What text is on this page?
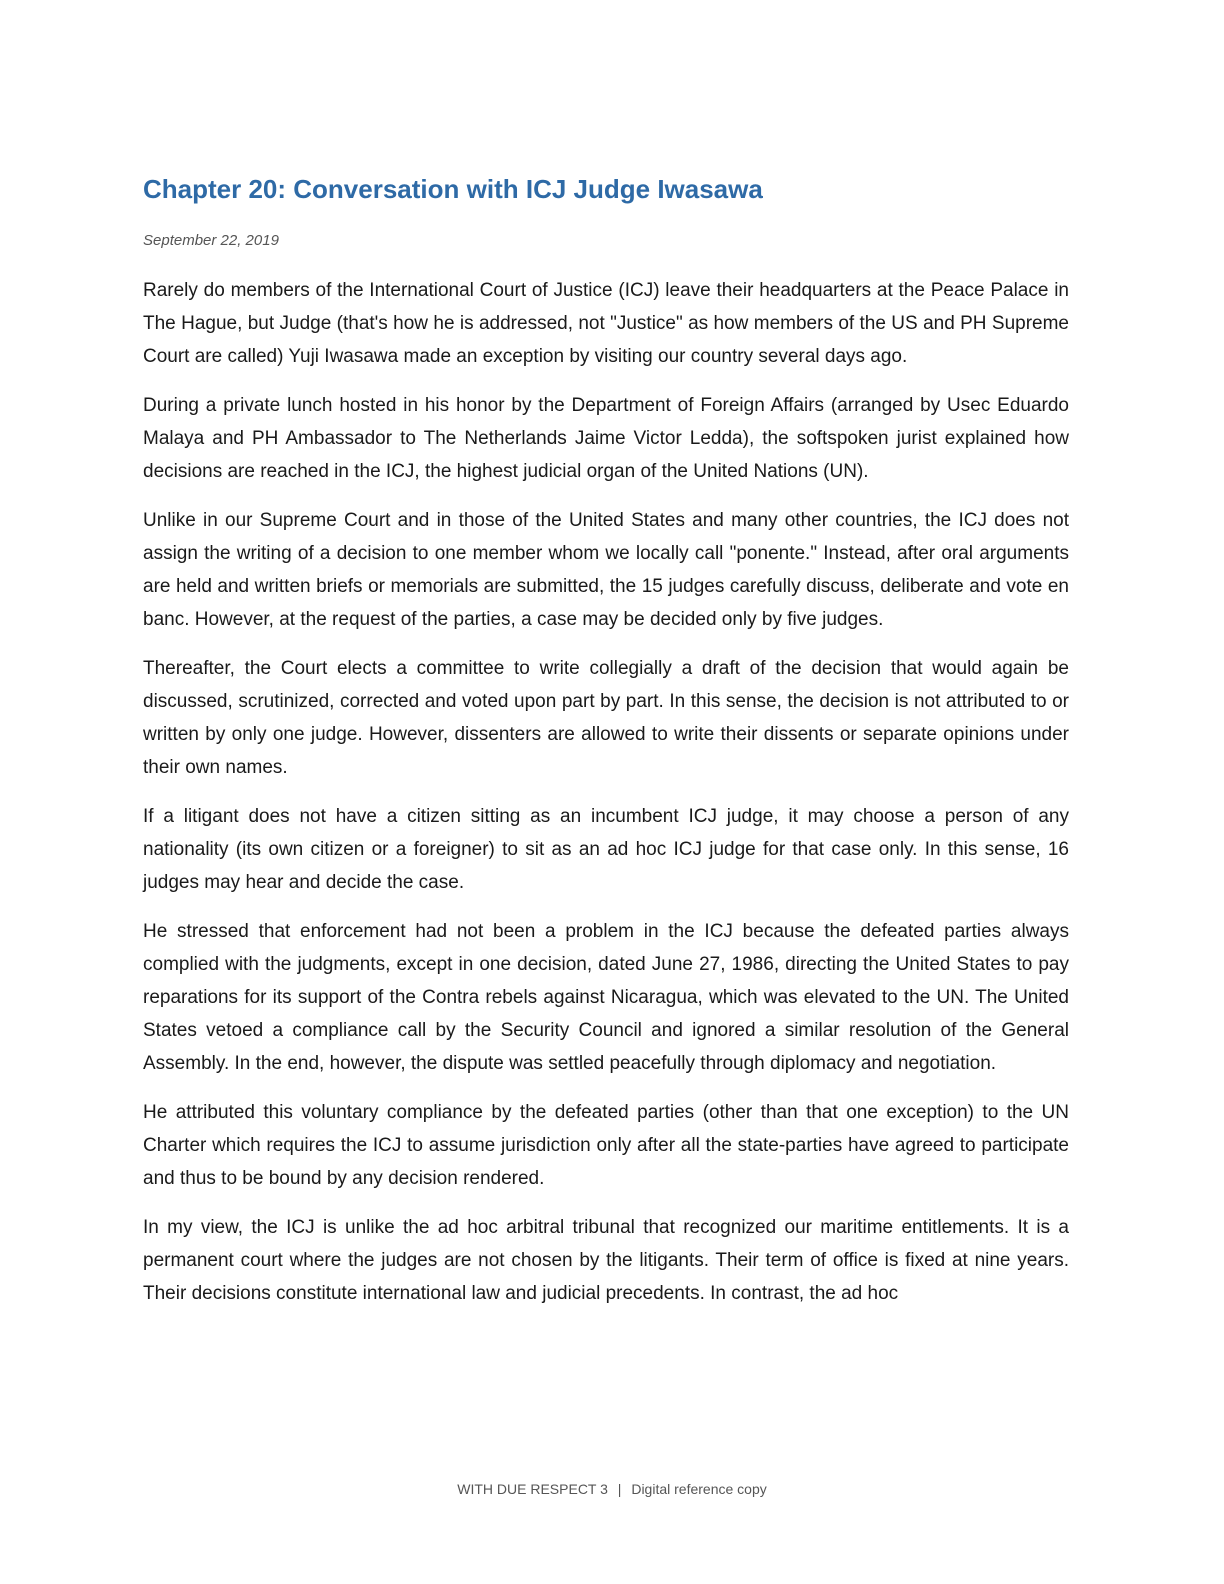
Chapter 20: Conversation with ICJ Judge Iwasawa
September 22, 2019

Rarely do members of the International Court of Justice (ICJ) leave their headquarters at the Peace Palace in The Hague, but Judge (that's how he is addressed, not "Justice" as how members of the US and PH Supreme Court are called) Yuji Iwasawa made an exception by visiting our country several days ago.

During a private lunch hosted in his honor by the Department of Foreign Affairs (arranged by Usec Eduardo Malaya and PH Ambassador to The Netherlands Jaime Victor Ledda), the softspoken jurist explained how decisions are reached in the ICJ, the highest judicial organ of the United Nations (UN).

Unlike in our Supreme Court and in those of the United States and many other countries, the ICJ does not assign the writing of a decision to one member whom we locally call "ponente." Instead, after oral arguments are held and written briefs or memorials are submitted, the 15 judges carefully discuss, deliberate and vote en banc. However, at the request of the parties, a case may be decided only by five judges.

Thereafter, the Court elects a committee to write collegially a draft of the decision that would again be discussed, scrutinized, corrected and voted upon part by part. In this sense, the decision is not attributed to or written by only one judge. However, dissenters are allowed to write their dissents or separate opinions under their own names.

If a litigant does not have a citizen sitting as an incumbent ICJ judge, it may choose a person of any nationality (its own citizen or a foreigner) to sit as an ad hoc ICJ judge for that case only. In this sense, 16 judges may hear and decide the case.

He stressed that enforcement had not been a problem in the ICJ because the defeated parties always complied with the judgments, except in one decision, dated June 27, 1986, directing the United States to pay reparations for its support of the Contra rebels against Nicaragua, which was elevated to the UN. The United States vetoed a compliance call by the Security Council and ignored a similar resolution of the General Assembly. In the end, however, the dispute was settled peacefully through diplomacy and negotiation.

He attributed this voluntary compliance by the defeated parties (other than that one exception) to the UN Charter which requires the ICJ to assume jurisdiction only after all the state-parties have agreed to participate and thus to be bound by any decision rendered.

In my view, the ICJ is unlike the ad hoc arbitral tribunal that recognized our maritime entitlements. It is a permanent court where the judges are not chosen by the litigants. Their term of office is fixed at nine years. Their decisions constitute international law and judicial precedents. In contrast, the ad hoc

WITH DUE RESPECT 3 | Digital reference copy
